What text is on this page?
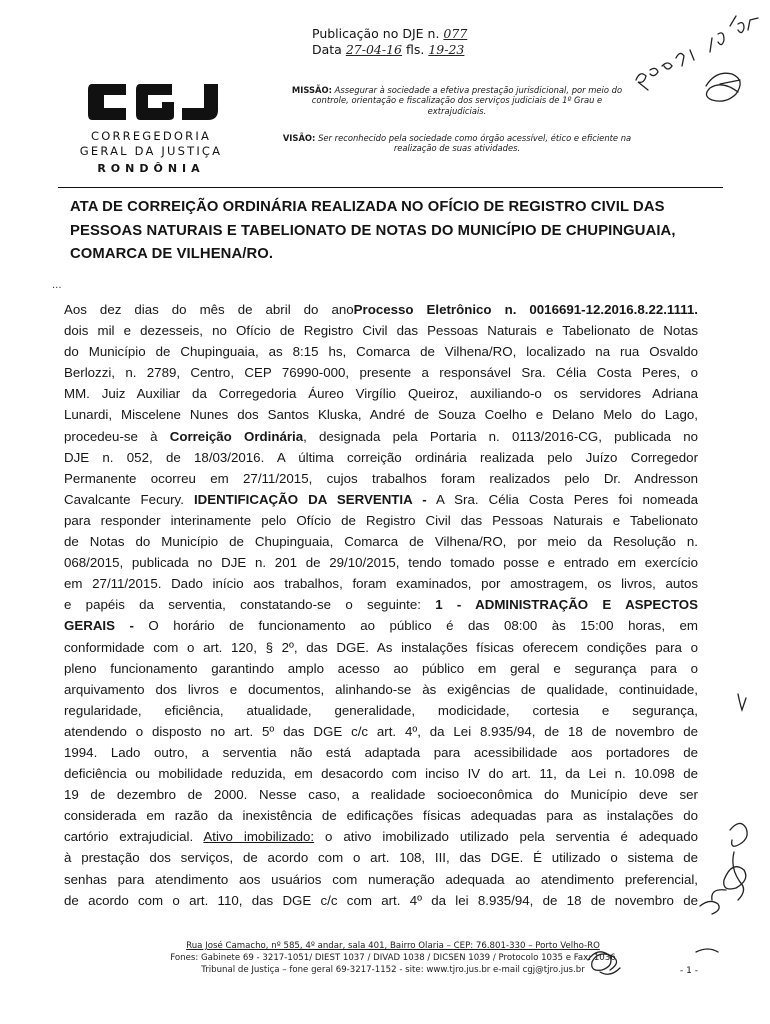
Publicação no DJE n. 077
Data 27-04-16 fls. 19-23
CORREGEDORIA
GERAL DA JUSTIÇA
RONDÔNIA
MISSÃO: Assegurar à sociedade a efetiva prestação jurisdicional, por meio do controle, orientação e fiscalização dos serviços judiciais de 1º Grau e extrajudiciais.
VISÃO: Ser reconhecido pela sociedade como órgão acessível, ético e eficiente na realização de suas atividades.
ATA DE CORREIÇÃO ORDINÁRIA REALIZADA NO OFÍCIO DE REGISTRO CIVIL DAS
PESSOAS NATURAIS E TABELIONATO DE NOTAS DO MUNICÍPIO DE CHUPINGUAIA,
COMARCA DE VILHENA/RO.
...
Aos dez dias do mês de abril do anoProcesso Eletrônico n. 0016691-12.2016.8.22.1111.
dois mil e dezesseis, no Ofício de Registro Civil das Pessoas Naturais e Tabelionato de Notas
do Município de Chupinguaia, as 8:15 hs, Comarca de Vilhena/RO, localizado na rua Osvaldo
Berlozzi, n. 2789, Centro, CEP 76990-000, presente a responsável Sra. Célia Costa Peres, o
MM. Juiz Auxiliar da Corregedoria Áureo Virgílio Queiroz, auxiliando-o os servidores Adriana
Lunardi, Miscelene Nunes dos Santos Kluska, André de Souza Coelho e Delano Melo do Lago,
procedeu-se à Correição Ordinária, designada pela Portaria n. 0113/2016-CG, publicada no
DJE n. 052, de 18/03/2016. A última correição ordinária realizada pelo Juízo Corregedor
Permanente ocorreu em 27/11/2015, cujos trabalhos foram realizados pelo Dr. Andresson
Cavalcante Fecury. IDENTIFICAÇÃO DA SERVENTIA - A Sra. Célia Costa Peres foi nomeada
para responder interinamente pelo Ofício de Registro Civil das Pessoas Naturais e Tabelionato
de Notas do Município de Chupinguaia, Comarca de Vilhena/RO, por meio da Resolução n.
068/2015, publicada no DJE n. 201 de 29/10/2015, tendo tomado posse e entrado em exercício
em 27/11/2015. Dado início aos trabalhos, foram examinados, por amostragem, os livros, autos
e papéis da serventia, constatando-se o seguinte: 1 - ADMINISTRAÇÃO E ASPECTOS
GERAIS - O horário de funcionamento ao público é das 08:00 às 15:00 horas, em
conformidade com o art. 120, § 2º, das DGE. As instalações físicas oferecem condições para o
pleno funcionamento garantindo amplo acesso ao público em geral e segurança para o
arquivamento dos livros e documentos, alinhando-se às exigências de qualidade, continuidade,
regularidade, eficiência, atualidade, generalidade, modicidade, cortesia e segurança,
atendendo o disposto no art. 5º das DGE c/c art. 4º, da Lei 8.935/94, de 18 de novembro de
1994. Lado outro, a serventia não está adaptada para acessibilidade aos portadores de
deficiência ou mobilidade reduzida, em desacordo com inciso IV do art. 11, da Lei n. 10.098 de
19 de dezembro de 2000. Nesse caso, a realidade socioeconômica do Município deve ser
considerada em razão da inexistência de edificações físicas adequadas para as instalações do
cartório extrajudicial. Ativo imobilizado: o ativo imobilizado utilizado pela serventia é adequado
à prestação dos serviços, de acordo com o art. 108, III, das DGE. É utilizado o sistema de
senhas para atendimento aos usuários com numeração adequada ao atendimento preferencial,
de acordo com o art. 110, das DGE c/c com art. 4º da lei 8.935/94, de 18 de novembro de
Rua José Camacho, nº 585, 4º andar, sala 401, Bairro Olaria – CEP: 76.801-330 – Porto Velho-RO
Fones: Gabinete 69 - 3217-1051/ DIEST 1037 / DIVAD 1038 / DICSEN 1039 / Protocolo 1035 e Fax: 1036
Tribunal de Justiça – fone geral 69-3217-1152 - site: www.tjro.jus.br e-mail cgj@tjro.jus.br	- 1 -
